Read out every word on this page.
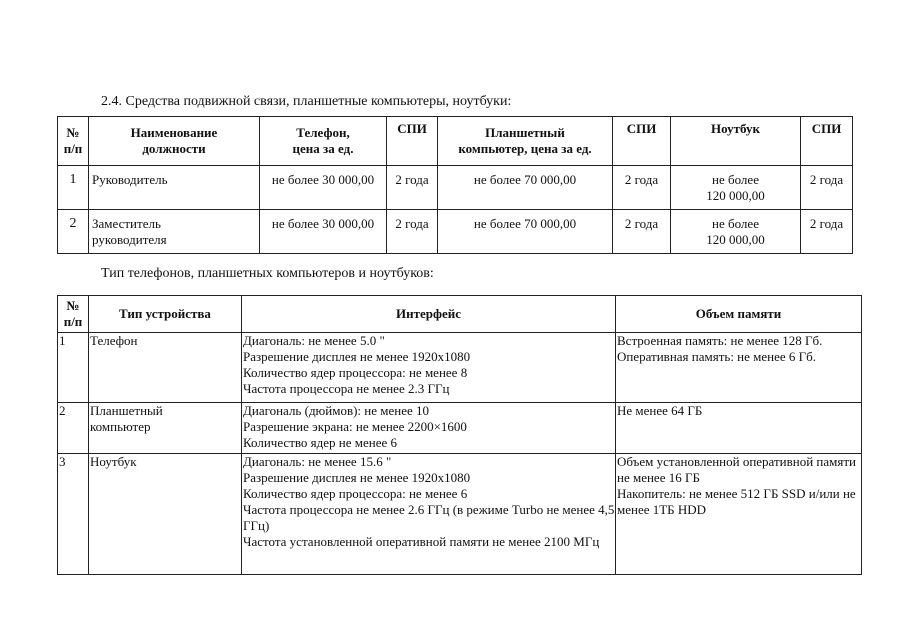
2.4. Средства подвижной связи, планшетные компьютеры, ноутбуки:
№
п/п	Наименование
должности	Телефон,
цена за ед.	СПИ	Планшетный
компьютер, цена за ед.	СПИ	Ноутбук	СПИ
1	Руководитель	не более 30 000,00	2 года	не более 70 000,00	2 года	не более
120 000,00	2 года
2	Заместитель
руководителя	не более 30 000,00	2 года	не более 70 000,00	2 года	не более
120 000,00	2 года
Тип телефонов, планшетных компьютеров и ноутбуков:
№
п/п	Тип устройства	Интерфейс	Объем памяти
1	Телефон	Диагональ: не менее 5.0 "
Разрешение дисплея не менее 1920x1080
Количество ядер процессора: не менее 8
Частота процессора не менее 2.3 ГГц	Встроенная память: не менее 128 Гб.
Оперативная память: не менее 6 Гб.

2	Планшетный
компьютер	Диагональ (дюймов): не менее 10
Разрешение экрана: не менее 2200×1600
Количество ядер не менее 6	Не менее 64 ГБ

3	Ноутбук	Диагональ: не менее 15.6 "
Разрешение дисплея не менее 1920x1080
Количество ядер процессора: не менее 6
Частота процессора не менее 2.6 ГГц (в режиме Turbo не менее 4,5 ГГц)
Частота установленной оперативной памяти не менее 2100 МГц	Объем установленной оперативной памяти не менее 16 ГБ
Накопитель: не менее 512 ГБ SSD и/или не менее 1ТБ HDD
